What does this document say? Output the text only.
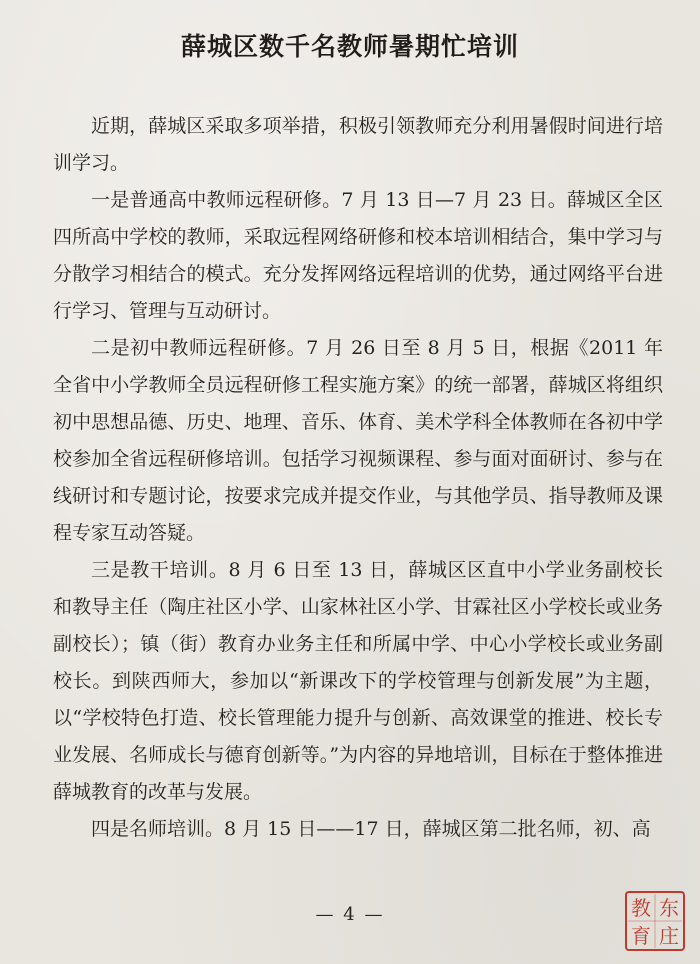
薛城区数千名教师暑期忙培训

近期，薛城区采取多项举措，积极引领教师充分利用暑假时间进行培训学习。

一是普通高中教师远程研修。7 月 13 日—7 月 23 日。薛城区全区四所高中学校的教师，采取远程网络研修和校本培训相结合，集中学习与分散学习相结合的模式。充分发挥网络远程培训的优势，通过网络平台进行学习、管理与互动研讨。

二是初中教师远程研修。7 月 26 日至 8 月 5 日，根据《2011 年全省中小学教师全员远程研修工程实施方案》的统一部署，薛城区将组织初中思想品德、历史、地理、音乐、体育、美术学科全体教师在各初中学校参加全省远程研修培训。包括学习视频课程、参与面对面研讨、参与在线研讨和专题讨论，按要求完成并提交作业，与其他学员、指导教师及课程专家互动答疑。

三是教干培训。8 月 6 日至 13 日，薛城区区直中小学业务副校长和教导主任（陶庄社区小学、山家林社区小学、甘霖社区小学校长或业务副校长）；镇（街）教育办业务主任和所属中学、中心小学校长或业务副校长。到陕西师大，参加以“新课改下的学校管理与创新发展”为主题，以“学校特色打造、校长管理能力提升与创新、高效课堂的推进、校长专业发展、名师成长与德育创新等。”为内容的异地培训，目标在于整体推进薛城教育的改革与发展。

四是名师培训。8 月 15 日——17 日，薛城区第二批名师，初、高

— 4 —	东
庄
教
育
